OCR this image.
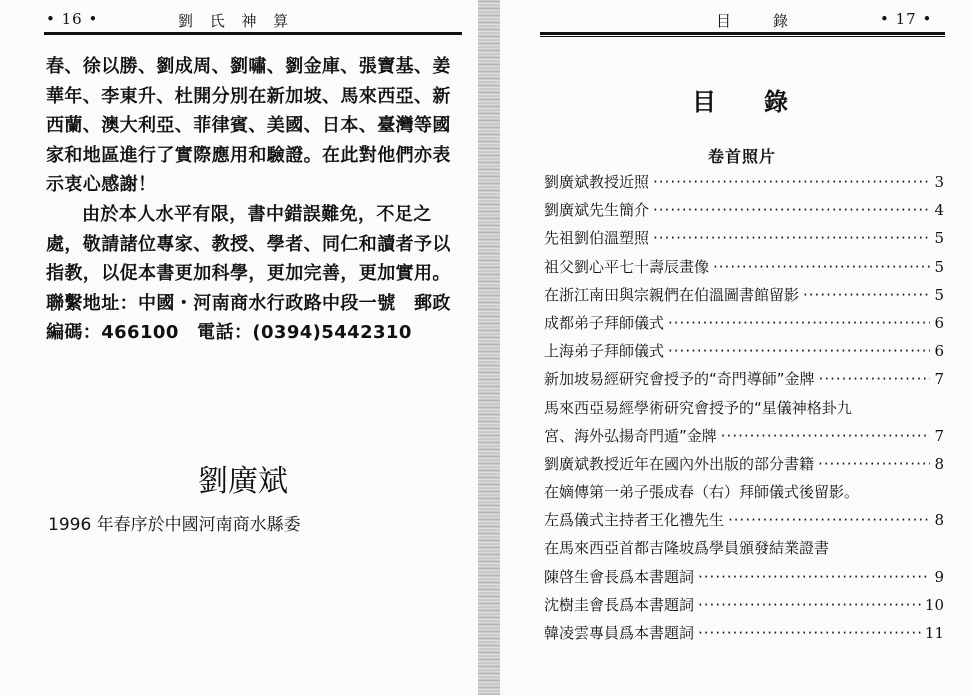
• 16 •	劉 氏 神 算

春、徐以勝、劉成周、劉嘯、劉金庫、張寶基、姜華年、李東升、杜開分別在新加坡、馬來西亞、新西蘭、澳大利亞、菲律賓、美國、日本、臺灣等國家和地區進行了實際應用和驗證。在此對他們亦表示衷心感謝！

由於本人水平有限，書中錯誤難免，不足之處，敬請諸位專家、教授、學者、同仁和讀者予以指教，以促本書更加科學，更加完善，更加實用。

聯繫地址：中國・河南商水行政路中段一號　郵政編碼：466100　電話：(0394)5442310

劉廣斌
1996 年春序於中國河南商水縣委
目　　錄	• 17 •
目　　錄
卷首照片
劉廣斌教授近照 ·····	3
劉廣斌先生簡介 ·····	4
先祖劉伯溫塑照 ·····	5
祖父劉心平七十壽辰畫像 ·····	5
在浙江南田與宗親們在伯溫圖書館留影 ·····	5
成都弟子拜師儀式 ·····	6
上海弟子拜師儀式 ·····	6
新加坡易經研究會授予的“奇門導師”金牌 ·····	7
馬來西亞易經學術研究會授予的“星儀神格卦九
宮、海外弘揚奇門遁”金牌 ·····	7
劉廣斌教授近年在國內外出版的部分書籍 ·····	8
在嫡傳第一弟子張成春（右）拜師儀式後留影。
左爲儀式主持者王化禮先生 ·····	8
在馬來西亞首都吉隆坡爲學員頒發結業證書
陳啓生會長爲本書題詞 ·····	9
沈樹圭會長爲本書題詞 ·····	10
韓凌雲專員爲本書題詞 ·····	11
